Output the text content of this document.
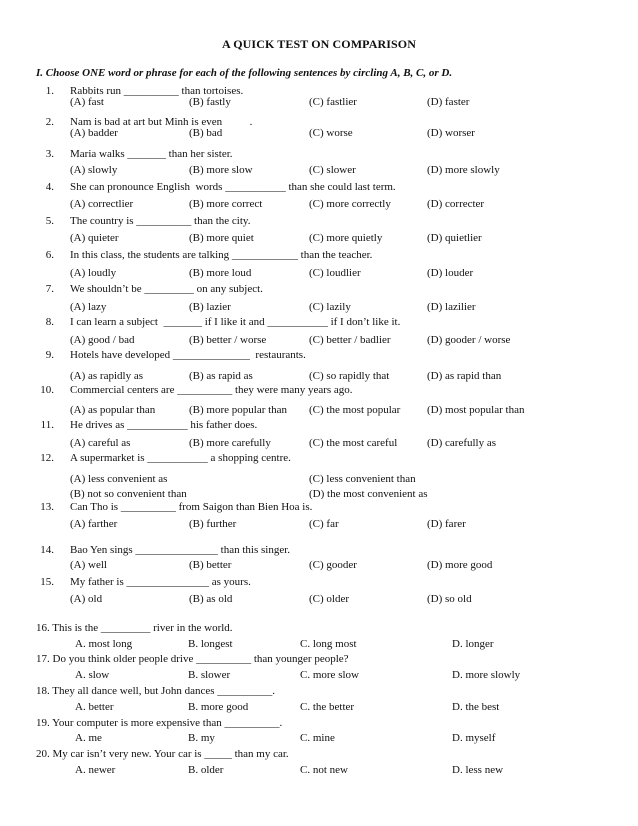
A QUICK TEST ON COMPARISON
I. Choose ONE word or phrase for each of the following sentences by circling A, B, C, or D.
1. Rabbits run __________ than tortoises.
(A) fast	(B) fastly	(C) fastlier	(D) faster
2. Nam is bad at art but Minh is even          .
(A) badder	(B) bad	(C) worse	(D) worser
3. Maria walks _______ than her sister.
(A) slowly	(B) more slow	(C) slower	(D) more slowly
4. She can pronounce English  words ___________ than she could last term.
(A) correctlier	(B) more correct	(C) more correctly	(D) correcter
5. The country is __________ than the city.
(A) quieter	(B) more quiet	(C) more quietly	(D) quietlier
6. In this class, the students are talking ____________ than the teacher.
(A) loudly	(B) more loud	(C) loudlier	(D) louder
7. We shouldn’t be _________ on any subject.
(A) lazy	(B) lazier	(C) lazily	(D) lazilier
8. I can learn a subject  _______ if I like it and ___________ if I don’t like it.
(A) good / bad	(B) better / worse	(C) better / badlier	(D) gooder / worse
9. Hotels have developed ______________  restaurants.
(A) as rapidly as	(B) as rapid as	(C) so rapidly that	(D) as rapid than
10. Commercial centers are __________ they were many years ago.
(A) as popular than	(B) more popular than (C) the most popular (D) most popular than
11. He drives as ___________ his father does.
(A) careful as	(B) more carefully	(C) the most careful	(D) carefully as
12. A supermarket is ___________ a shopping centre.
(A) less convenient as	(C) less convenient than
(B) not so convenient than	(D) the most convenient as
13. Can Tho is __________ from Saigon than Bien Hoa is.
(A) farther	(B) further	(C) far	(D) farer
14. Bao Yen sings _______________ than this singer.
(A) well	(B) better	(C) gooder	(D) more good
15. My father is _______________ as yours.
(A) old	(B) as old	(C) older	(D) so old
16. This is the _________ river in the world.
A. most long	B. longest	C. long most	D. longer
17. Do you think older people drive __________ than younger people?
A. slow	B. slower	C. more slow	D. more slowly
18. They all dance well, but John dances __________.
A. better	B. more good	C. the better	D. the best
19. Your computer is more expensive than __________.
A. me	B. my	C. mine	D. myself
20. My car isn’t very new. Your car is _____ than my car.
A. newer	B. older	C. not new	D. less new
